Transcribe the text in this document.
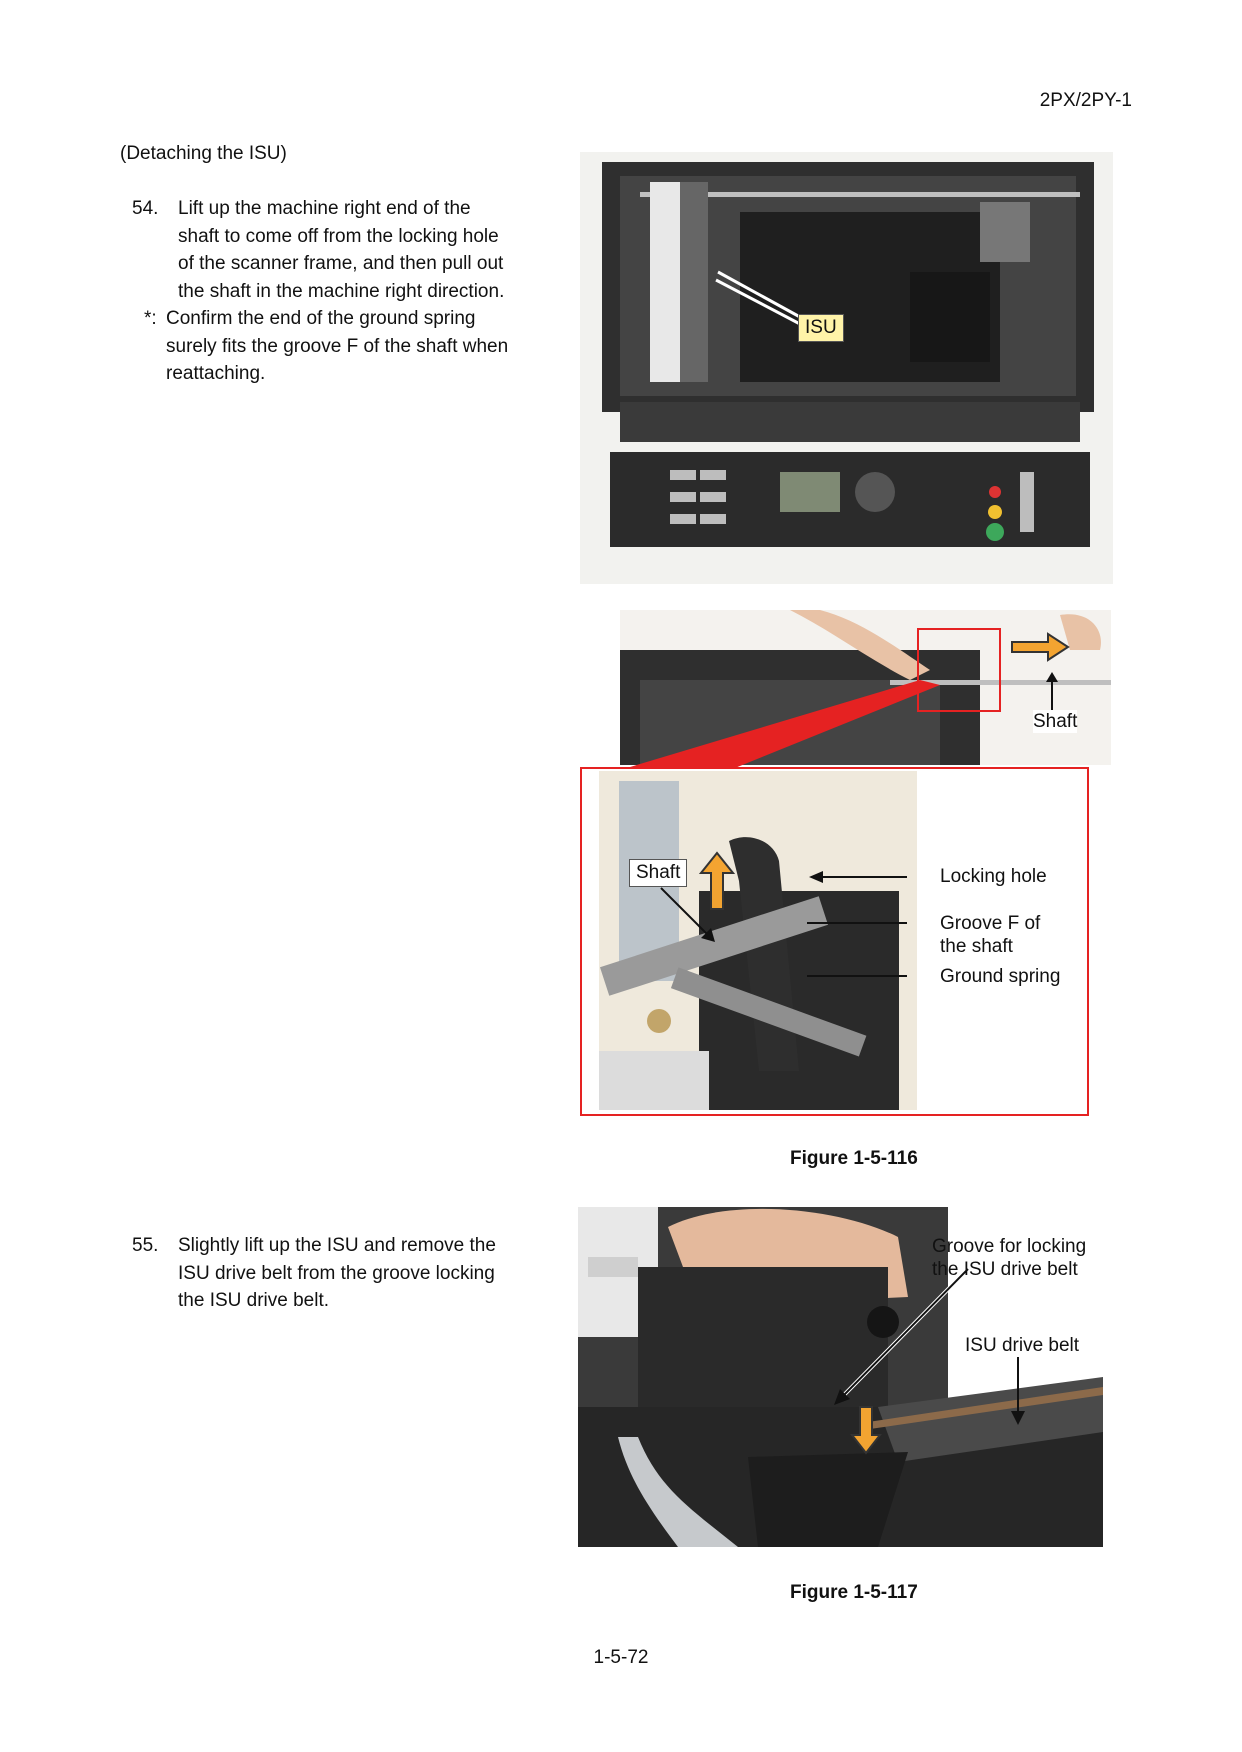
2PX/2PY-1
(Detaching the ISU)
54. Lift up the machine right end of the
shaft to come off from the locking hole
of the scanner frame, and then pull out
the shaft in the machine right direction.
*: Confirm the end of the ground spring
surely fits the groove F of the shaft when
reattaching.
ISU
Shaft
Shaft	Locking hole
Groove F of
the shaft
Ground spring
Figure 1-5-116
55. Slightly lift up the ISU and remove the
ISU drive belt from the groove locking
the ISU drive belt.
Groove for locking
the ISU drive belt
ISU drive belt
Figure 1-5-117
1-5-72
